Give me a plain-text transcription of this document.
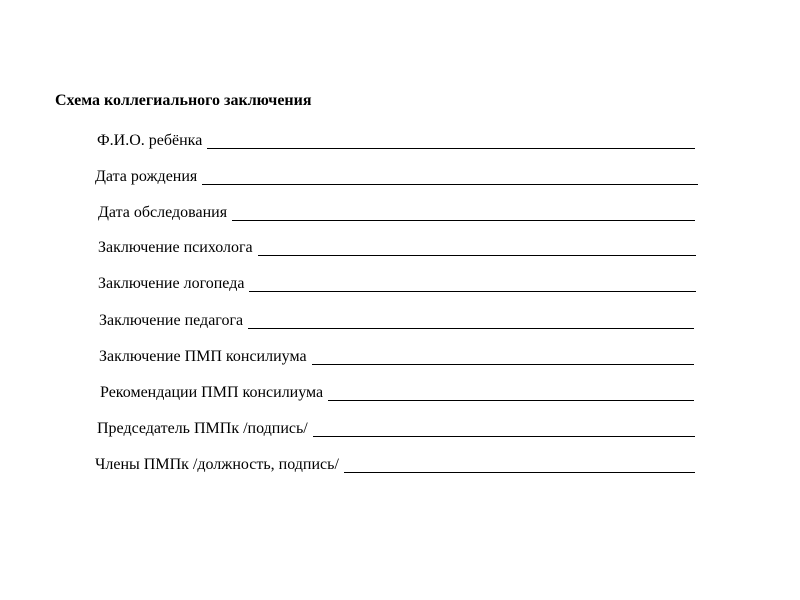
Схема коллегиального заключения
Ф.И.О. ребёнка
Дата рождения
Дата обследования
Заключение психолога
Заключение логопеда
Заключение педагога
Заключение ПМП консилиума
Рекомендации ПМП консилиума
Председатель ПМПк /подпись/
Члены ПМПк /должность, подпись/
